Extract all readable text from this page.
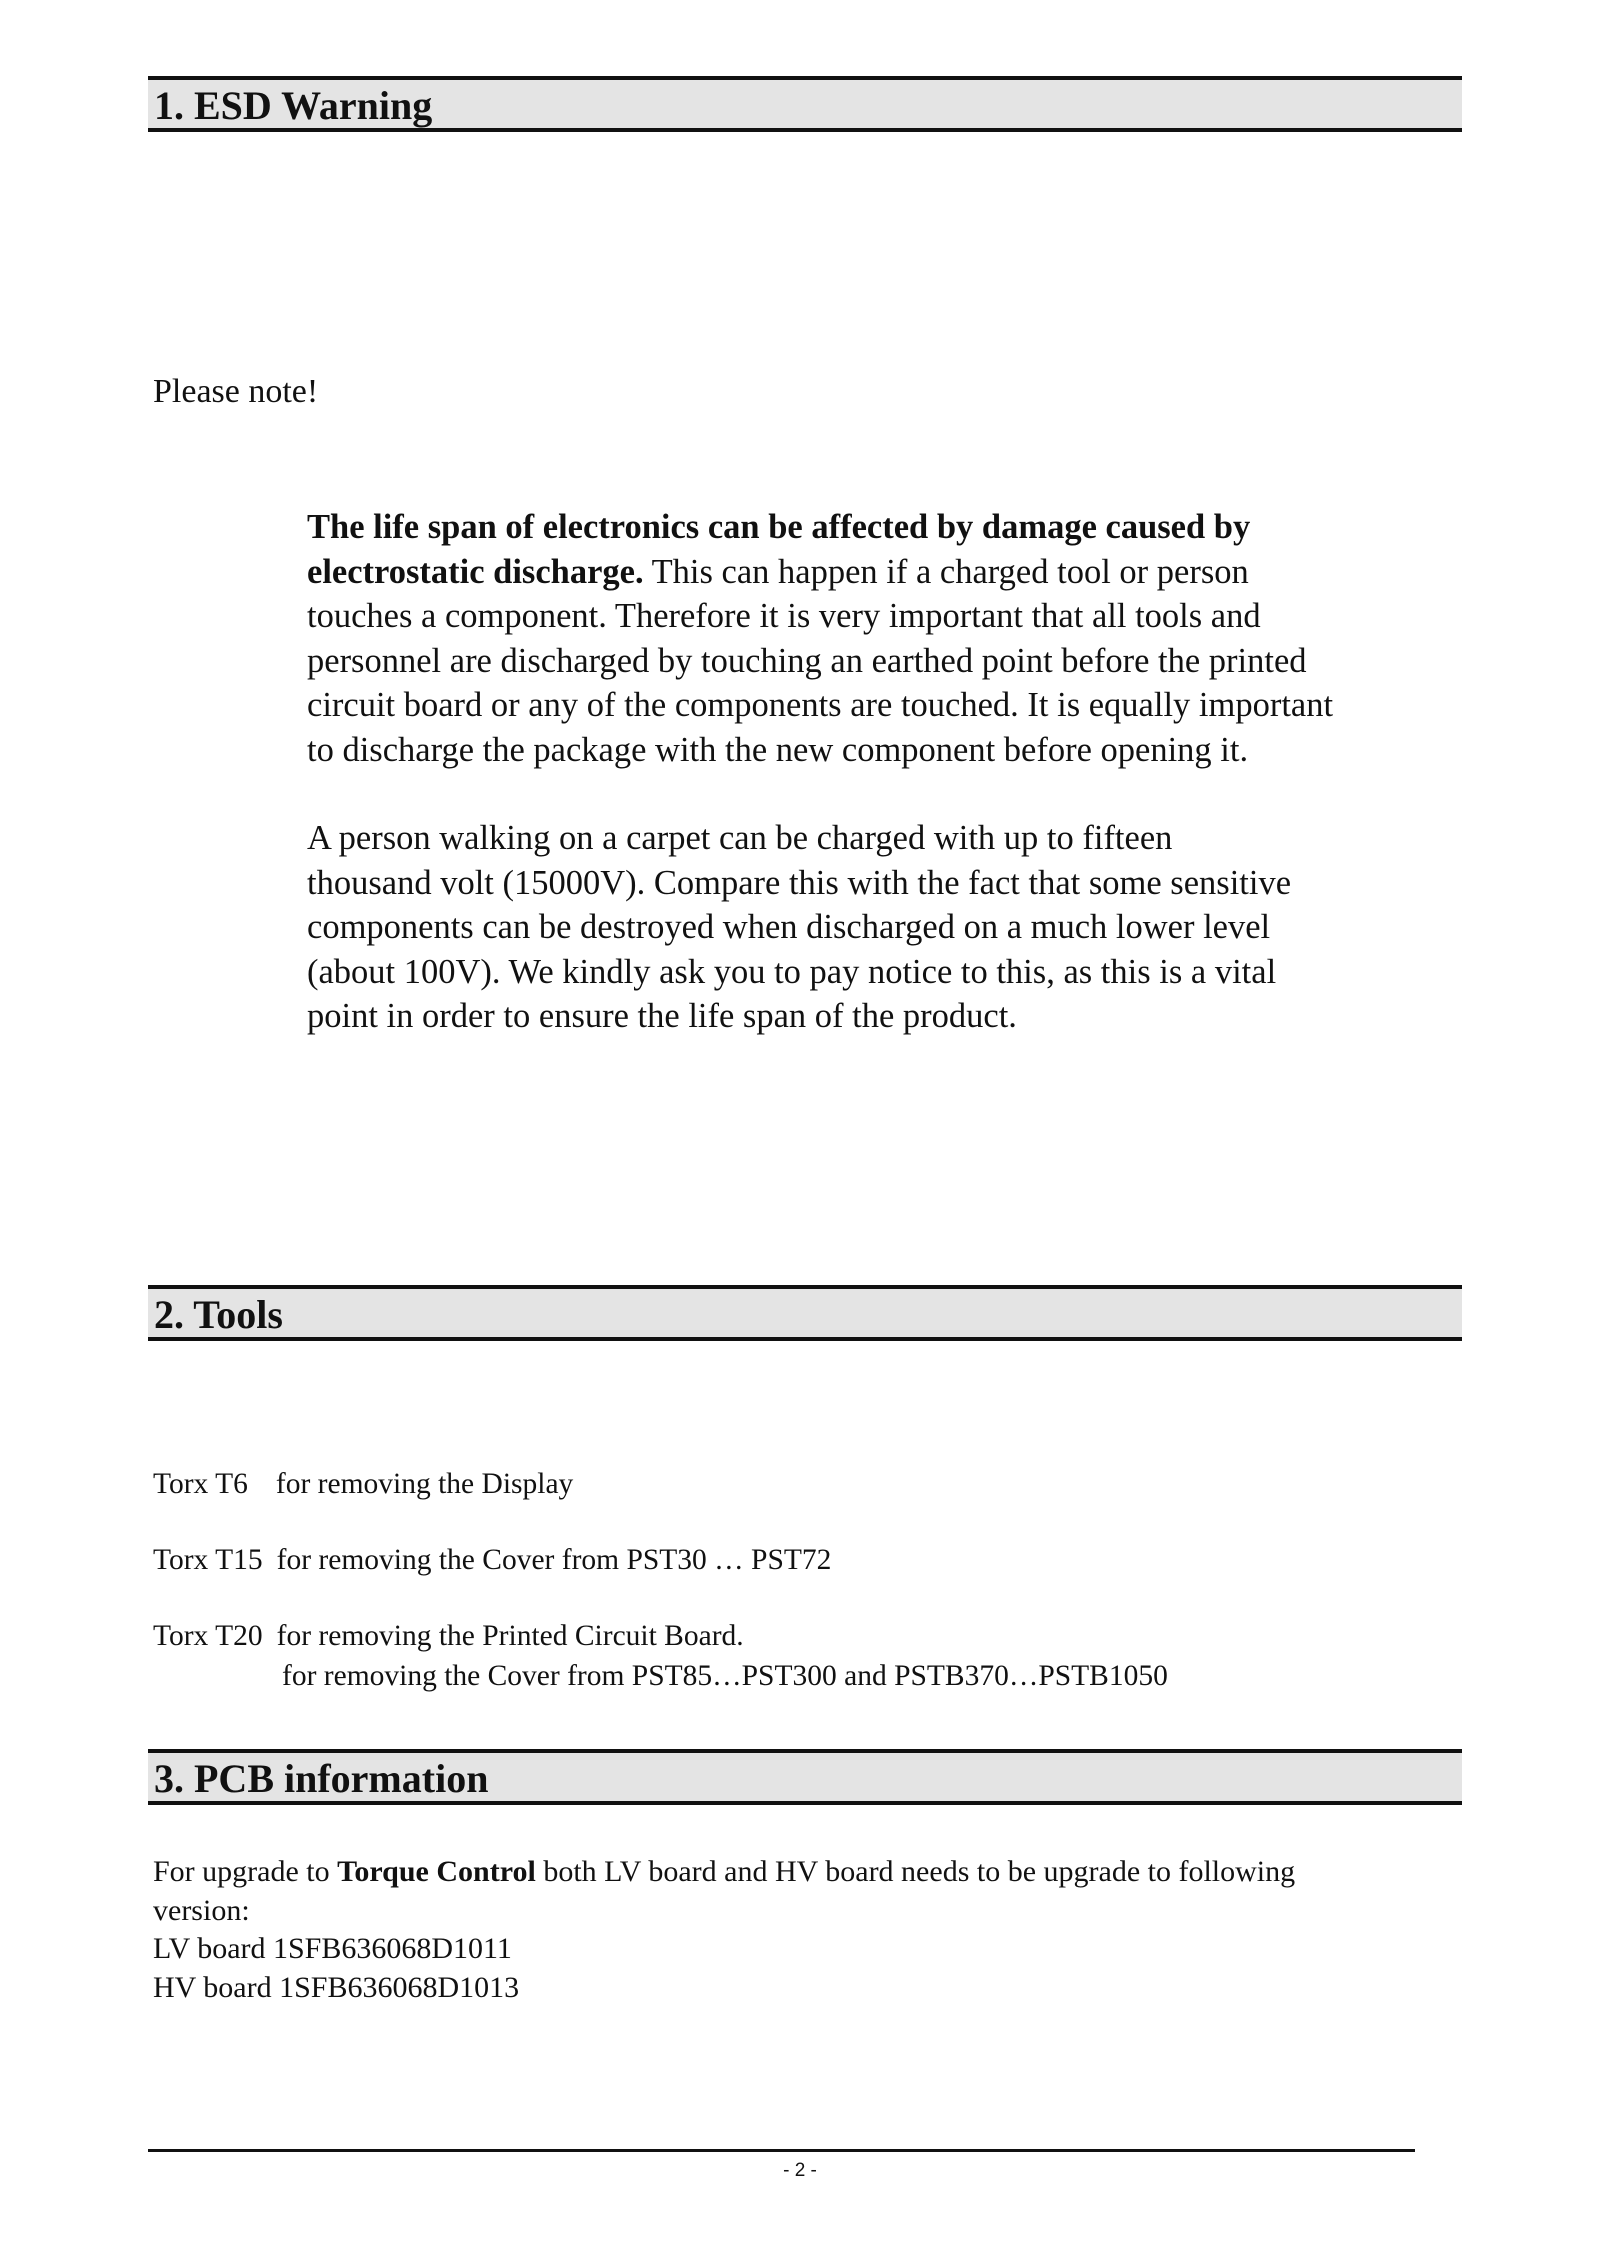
1. ESD Warning
Please note!
The life span of electronics can be affected by damage caused by
electrostatic discharge. This can happen if a charged tool or person
touches a component. Therefore it is very important that all tools and
personnel are discharged by touching an earthed point before the printed
circuit board or any of the components are touched. It is equally important
to discharge the package with the new component before opening it.
A person walking on a carpet can be charged with up to fifteen
thousand volt (15000V). Compare this with the fact that some sensitive
components can be destroyed when discharged on a much lower level
(about 100V). We kindly ask you to pay notice to this, as this is a vital
point in order to ensure the life span of the product.
2. Tools
Torx T6 for removing the Display
Torx T15 for removing the Cover from PST30 … PST72
Torx T20 for removing the Printed Circuit Board.
for removing the Cover from PST85…PST300 and PSTB370…PSTB1050
3. PCB information
For upgrade to Torque Control both LV board and HV board needs to be upgrade to following
version:
LV board 1SFB636068D1011
HV board 1SFB636068D1013
- 2 -
